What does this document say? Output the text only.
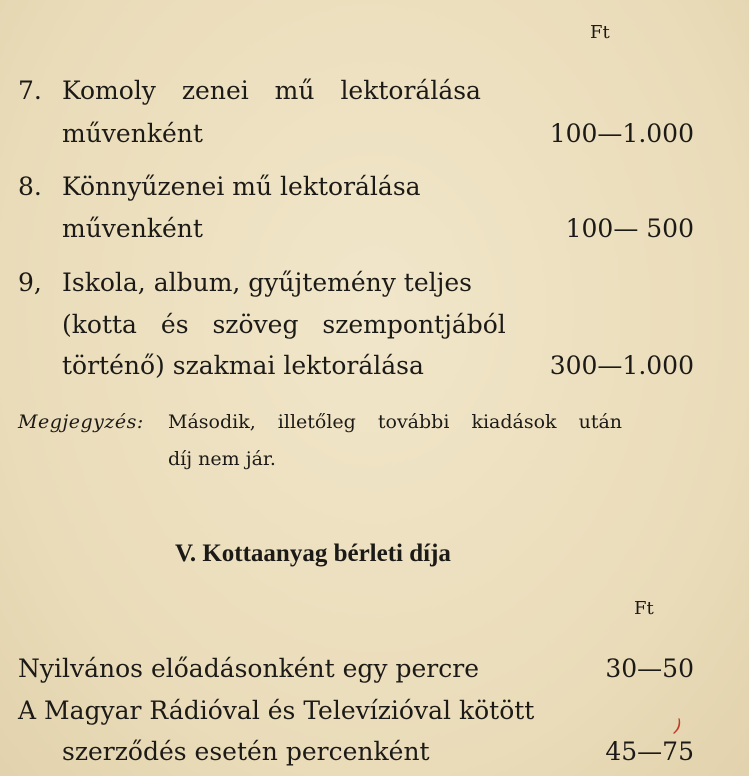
Ft
7. Komoly zenei mű lektorálása
művenként	100—1.000
8. Könnyűzenei mű lektorálása
művenként	100— 500
9, Iskola, album, gyűjtemény teljes
(kotta és szöveg szempontjából
történő) szakmai lektorálása	300—1.000
Megjegyzés: Második, illetőleg további kiadások után
díj nem jár.
V. Kottaanyag bérleti díja
Ft
Nyilvános előadásonként egy percre	30—50
A Magyar Rádióval és Televízióval kötött
szerződés esetén percenként	45—75
)
